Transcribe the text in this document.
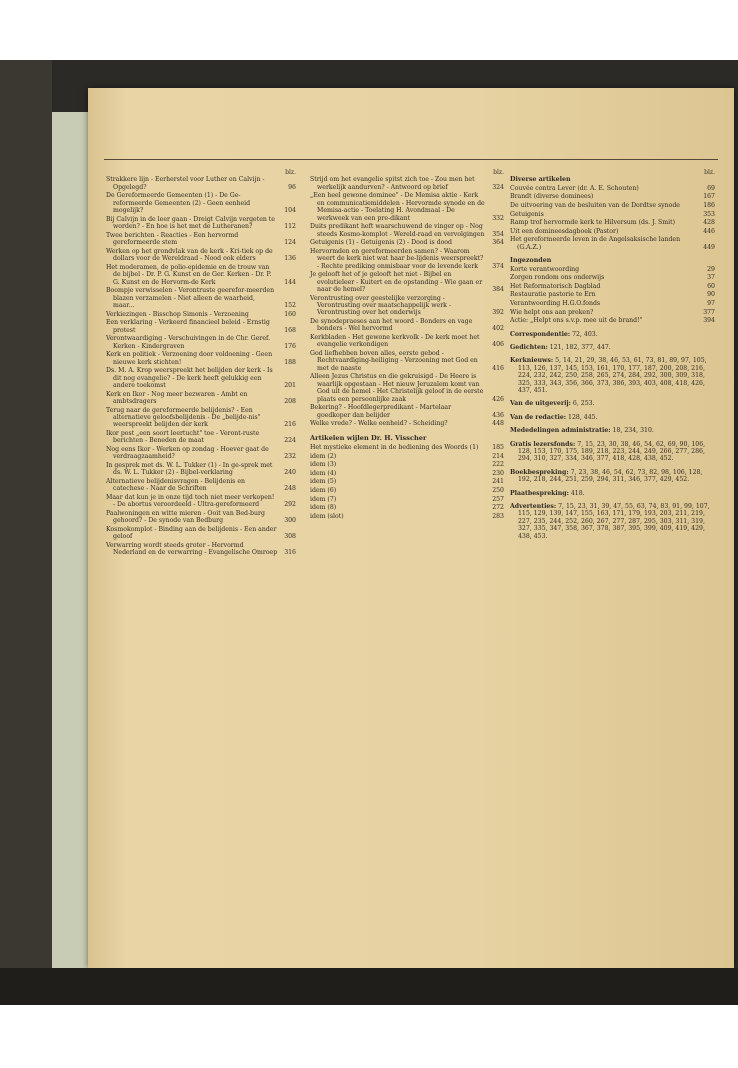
blz.
Strakkere lijn - Eerherstel voor Luther en Calvijn - Opgelegd?	96
De Gereformeerde Gemeenten (1) - De Ge-reformeerde Gemeenten (2) - Geen eenheid mogelijk?	104
Bij Calvijn in de leer gaan - Dreigt Calvijn vergeten te worden? - En hoe is het met de Lutheranen?	112
Twee berichten - Reacties - Een hervormd gereformeerde stem	124
Werken op het grondvlak van de kerk - Kri-tiek op de dollars voor de Wereldraad - Nood ook elders	136
Het moderamen, de polio-epidemie en de trouw van de bijbel - Dr. P. G. Kunst en de Ger. Kerken - Dr. P. G. Kunst en de Hervorm-de Kerk	144
Boompje verwisselen - Verontruste geerefor-meerden blazen verzamelen - Niet alleen de waarheid, maar...	152
Verkiezingen - Bisschop Simonis - Verzoening	160
Een verklaring - Verkeerd financieel beleid - Ernstig protest	168
Verontwaardiging - Verschuivingen in de Chr. Geref. Kerken - Kindergraven	176
Kerk en politiek - Verzoening door voldoening - Geen nieuwe kerk stichten!	188
Ds. M. A. Krop weerspreekt het belijden der kerk - Is dit nog evangelie? - De kerk heeft gelukkig een andere toekomst	201
Kerk en Ikor - Nog meer bezwaren - Ambt en ambtsdragers	208
Terug naar de gereformeerde belijdenis? - Een alternatieve geloofsbelijdenis - De „belijde-nis" weerspreekt belijden der kerk	216
Ikor post „een soort leertucht" toe - Veront-ruste berichten - Beneden de maat	224
Nog eens Ikor - Werken op zondag - Hoever gaat de verdraagzaamheid?	232
In gesprek met ds. W. L. Tukker (1) - In ge-sprek met ds. W. L. Tukker (2) - Bijbel-verklaring	240
Alternatieve belijdenisvragen - Belijdenis en catechese - Naar de Schriften	248
Maar dat kun je in onze tijd toch niet meer verkopen! - De abortus veroordeeld - Ultra-gereformeerd	292
Paalwoningen en witte mieren - Ooit van Bed-burg gehoord? - De synode van Bedburg	300
Kosmokomplot - Binding aan de belijdenis - Een ander geloof	308
Verwarring wordt steeds groter - Hervormd Nederland en de verwarring - Evangelische Omroep	316
blz.
Strijd om het evangelie spitst zich toe - Zou men het werkelijk aandurven? - Antwoord op brief	324
„Een heel gewone dominee" - De Memisa aktie - Kerk en communicatiemiddelen - Hervormde synode en de Memisa-actie - Toelating H. Avondmaal - De werkweek van een pre-dikant	332
Duits predikant heft waarschuwend de vinger op - Nog steeds Kosmo-komplot - Wereld-raad en vervolgingen	354
Getuigenis (1) - Getuigenis (2) - Dood is dood	364
Hervormden en gereformeerden samen? - Waarom weert de kerk niet wat haar be-lijdenis weerspreekt? - Rechte prediking onmisbaar voor de levende kerk	374
Je gelooft het of je gelooft het niet - Bijbel en evolutieleer - Kuitert en de opstanding - Wie gaan er naar de hemel?	384
Verontrusting over geestelijke verzorging - Verontrusting over maatschappelijk werk - Verontrusting over het onderwijs	392
De synodepraeses aan het woord - Bonders en vage bonders - Wel hervormd	402
Kerkbladen - Het gewone kerkvolk - De kerk moet het evangelie verkondigen	406
God liefhebben boven alles, eerste gebod - Rechtvaardiging-heiliging - Verzoening met God en met de naaste	416
Alleen Jezus Christus en die gekruisigd - De Heere is waarlijk opgestaan - Het nieuw Jeruzalem komt van God uit de hemel - Het Christelijk geloof in de eerste plaats een persoonlijke zaak	426
Bekering? - Hoofdlegerpredikant - Martelaar goedkoper dan belijder	436
Welke vrede? - Welke eenheid? - Scheiding?	448
Artikelen wijlen Dr. H. Visscher
Het mystieke element in de bediening des Woords (1)	185
idem (2)	214
idem (3)	222
idem (4)	230
idem (5)	241
idem (6)	250
idem (7)	257
idem (8)	272
idem (slot)	283
blz.
Diverse artikelen
Couvée contra Lever (dr. A. E. Schouten)	69
Brandt (diverse dominees)	167
De uitvoering van de besluiten van de Dordtse synode	186
Getuigenis	353
Ramp trof hervormde kerk te Hilversum (ds. J. Smit)	428
Uit een domineesdagboek (Pastor)	446
Het gereformeerde leven in de Angelsaksische landen (G.A.Z.)	449
Ingezonden
Korte verantwoording	29
Zorgen rondom ons onderwijs	37
Het Reformatorisch Dagblad	60
Restauratie pastorie te Ern	90
Verantwoording H.G.O.fonds	97
Wie helpt ons aan preken?	377
Actie: „Helpt ons s.v.p. mee uit de brand!"	394
Correspondentie: 72, 403.
Gedichten: 121, 182, 377, 447.
Kerknieuws: 5, 14, 21, 29, 38, 46, 53, 61, 73, 81, 89, 97, 105, 113, 126, 137, 145, 153, 161, 170, 177, 187, 200, 208, 216, 224, 232, 242, 250, 258, 265, 274, 284, 292, 300, 309, 318, 325, 333, 343, 356, 366, 373, 386, 393, 403, 408, 418, 426, 437, 451.
Van de uitgeverij: 6, 253.
Van de redactie: 128, 445.
Mededelingen administratie: 18, 234, 310.
Gratis lezersfonds: 7, 15, 23, 30, 38, 46, 54, 62, 69, 90, 106, 128, 153, 170, 175, 189, 218, 223, 244, 249, 266, 277, 286, 294, 310, 327, 334, 346, 377, 418, 428, 438, 452.
Boekbespreking: 7, 23, 38, 46, 54, 62, 73, 82, 98, 106, 128, 192, 218, 244, 251, 259, 294, 311, 346, 377, 429, 452.
Plaatbespreking: 418.
Advertenties: 7, 15, 23, 31, 39, 47, 55, 63, 74, 83, 91, 99, 107, 115, 129, 139, 147, 155, 163, 171, 179, 193, 203, 211, 219, 227, 235, 244, 252, 260, 267, 277, 287, 295, 303, 311, 319, 327, 335, 347, 358, 367, 378, 387, 395, 399, 409, 419, 429, 438, 453.
